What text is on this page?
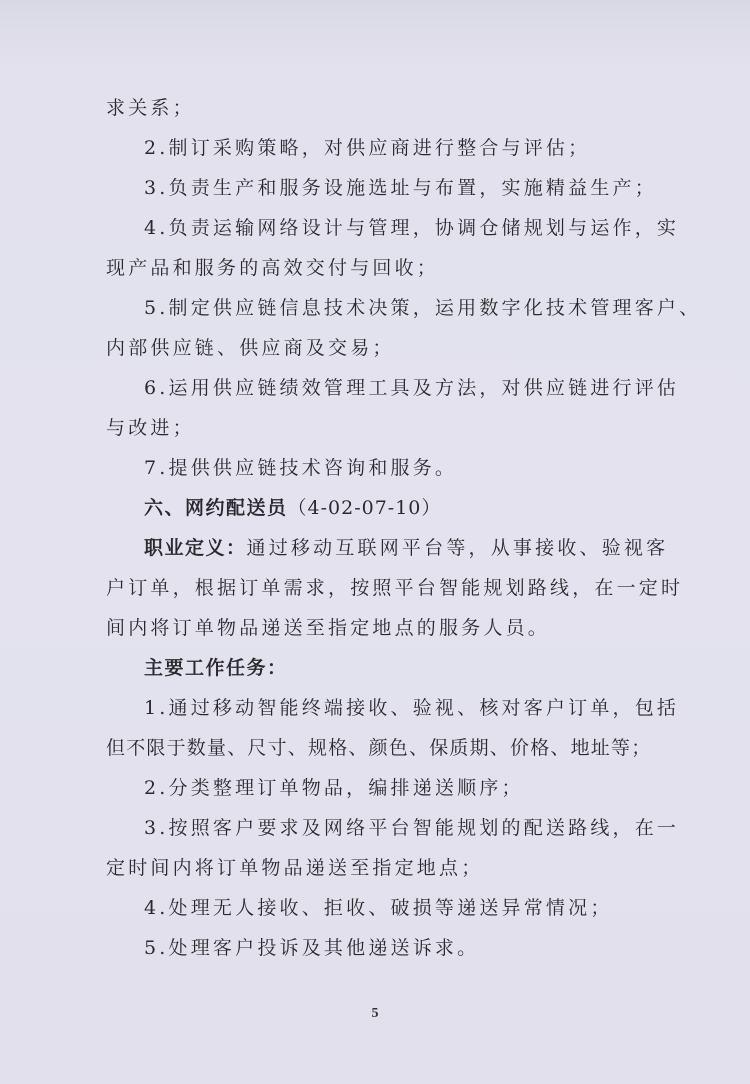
求关系；
2.制订采购策略，对供应商进行整合与评估；
3.负责生产和服务设施选址与布置，实施精益生产；
4.负责运输网络设计与管理，协调仓储规划与运作，实
现产品和服务的高效交付与回收；
5.制定供应链信息技术决策，运用数字化技术管理客户、
内部供应链、供应商及交易；
6.运用供应链绩效管理工具及方法，对供应链进行评估
与改进；
7.提供供应链技术咨询和服务。
六、网约配送员（4-02-07-10）
职业定义：通过移动互联网平台等，从事接收、验视客
户订单，根据订单需求，按照平台智能规划路线，在一定时
间内将订单物品递送至指定地点的服务人员。
主要工作任务：
1.通过移动智能终端接收、验视、核对客户订单，包括
但不限于数量、尺寸、规格、颜色、保质期、价格、地址等；
2.分类整理订单物品，编排递送顺序；
3.按照客户要求及网络平台智能规划的配送路线，在一
定时间内将订单物品递送至指定地点；
4.处理无人接收、拒收、破损等递送异常情况；
5.处理客户投诉及其他递送诉求。
5
